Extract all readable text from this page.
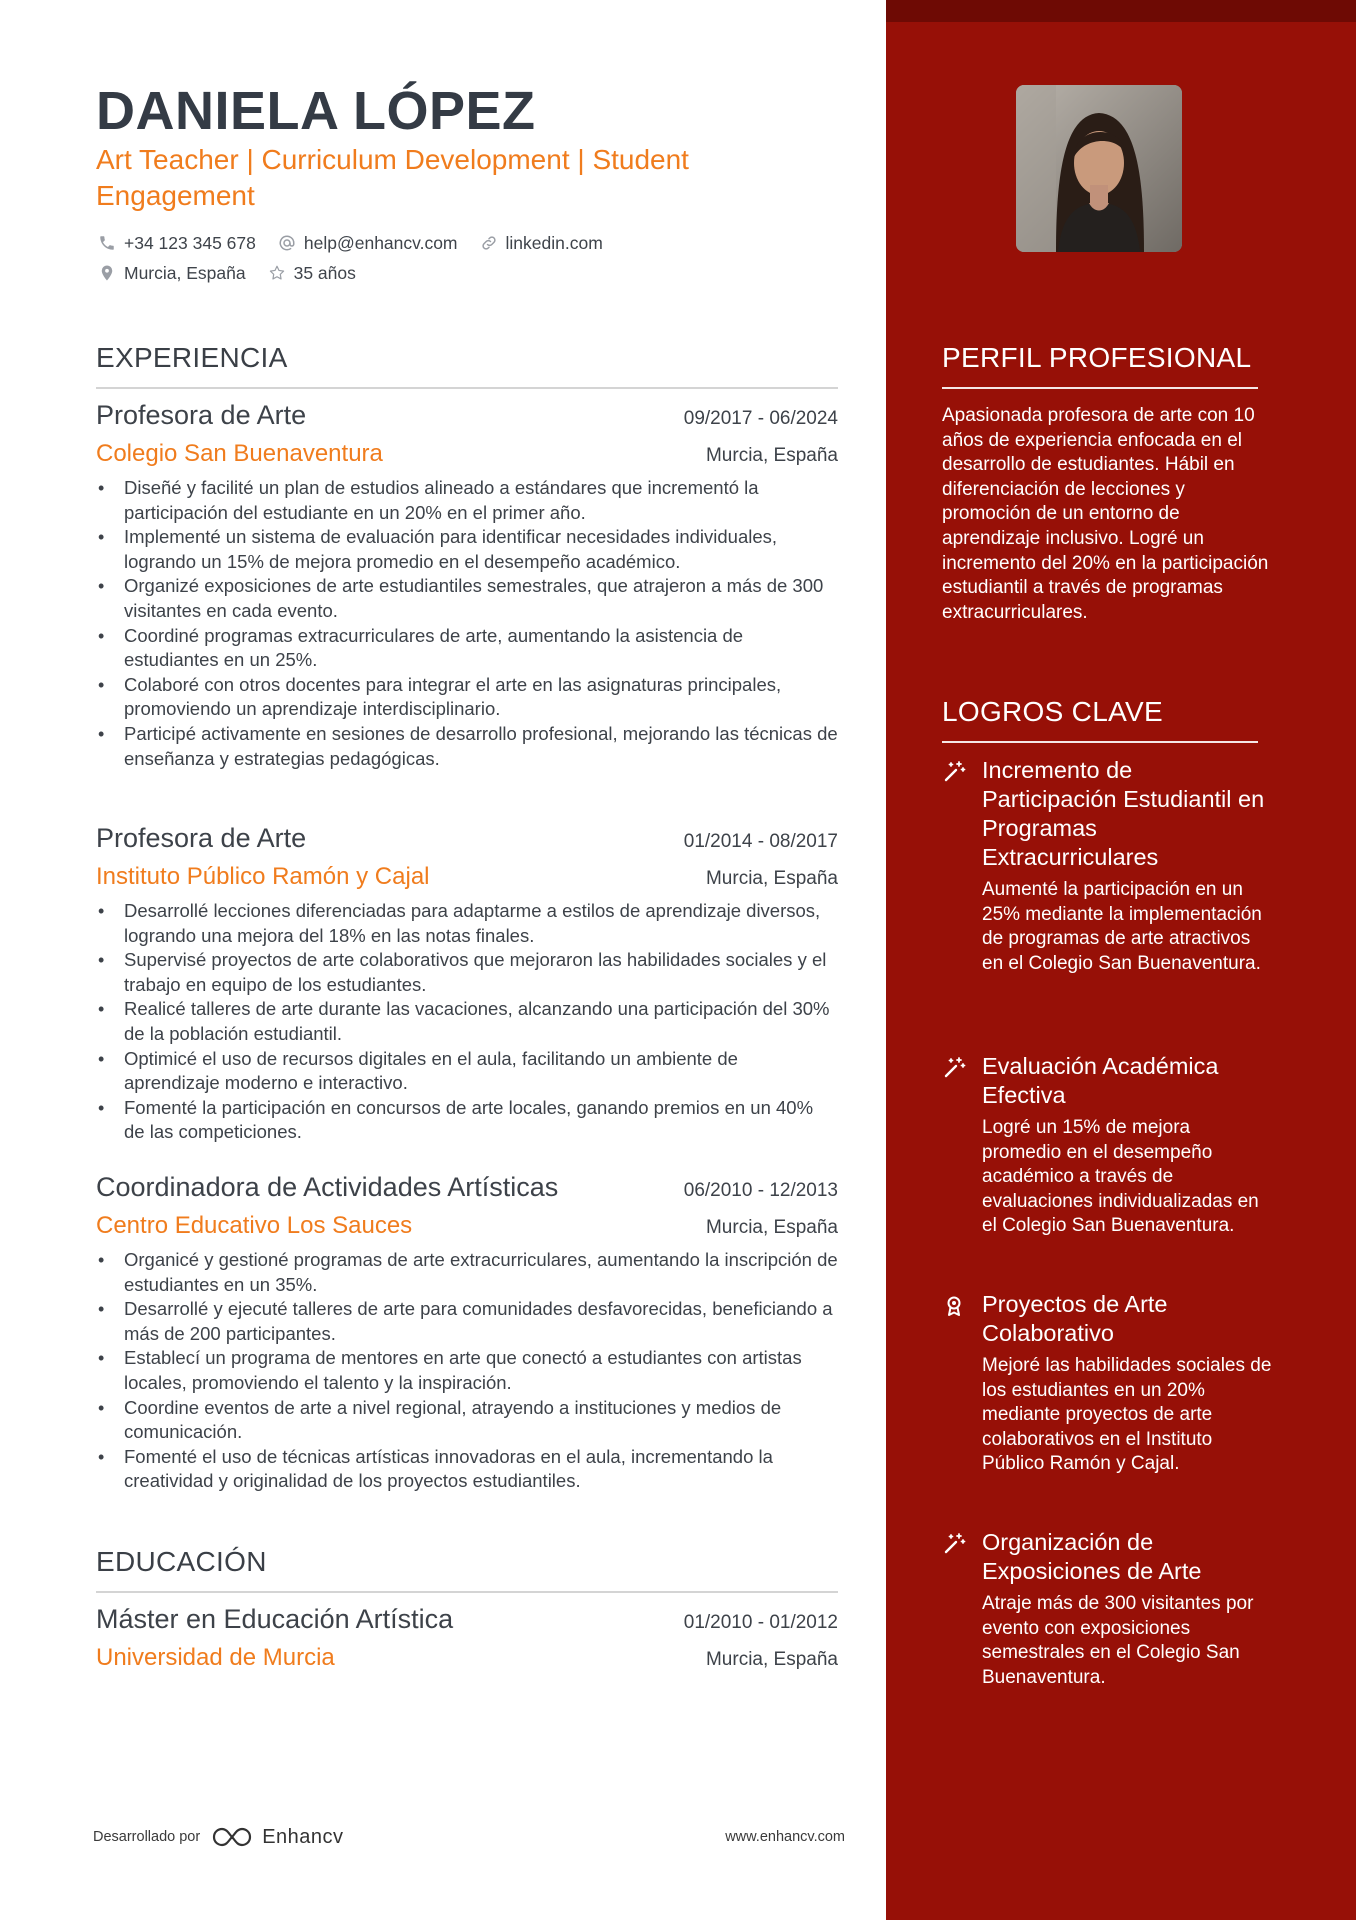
DANIELA LÓPEZ
Art Teacher | Curriculum Development | Student Engagement
+34 123 345 678	help@enhancv.com	linkedin.com
Murcia, España	35 años
EXPERIENCIA
Profesora de Arte	09/2017 - 06/2024
Colegio San Buenaventura	Murcia, España
• Diseñé y facilité un plan de estudios alineado a estándares que incrementó la participación del estudiante en un 20% en el primer año.
• Implementé un sistema de evaluación para identificar necesidades individuales, logrando un 15% de mejora promedio en el desempeño académico.
• Organizé exposiciones de arte estudiantiles semestrales, que atrajeron a más de 300 visitantes en cada evento.
• Coordiné programas extracurriculares de arte, aumentando la asistencia de estudiantes en un 25%.
• Colaboré con otros docentes para integrar el arte en las asignaturas principales, promoviendo un aprendizaje interdisciplinario.
• Participé activamente en sesiones de desarrollo profesional, mejorando las técnicas de enseñanza y estrategias pedagógicas.
Profesora de Arte	01/2014 - 08/2017
Instituto Público Ramón y Cajal	Murcia, España
• Desarrollé lecciones diferenciadas para adaptarme a estilos de aprendizaje diversos, logrando una mejora del 18% en las notas finales.
• Supervisé proyectos de arte colaborativos que mejoraron las habilidades sociales y el trabajo en equipo de los estudiantes.
• Realicé talleres de arte durante las vacaciones, alcanzando una participación del 30% de la población estudiantil.
• Optimicé el uso de recursos digitales en el aula, facilitando un ambiente de aprendizaje moderno e interactivo.
• Fomenté la participación en concursos de arte locales, ganando premios en un 40% de las competiciones.
Coordinadora de Actividades Artísticas	06/2010 - 12/2013
Centro Educativo Los Sauces	Murcia, España
• Organicé y gestioné programas de arte extracurriculares, aumentando la inscripción de estudiantes en un 35%.
• Desarrollé y ejecuté talleres de arte para comunidades desfavorecidas, beneficiando a más de 200 participantes.
• Establecí un programa de mentores en arte que conectó a estudiantes con artistas locales, promoviendo el talento y la inspiración.
• Coordine eventos de arte a nivel regional, atrayendo a instituciones y medios de comunicación.
• Fomenté el uso de técnicas artísticas innovadoras en el aula, incrementando la creatividad y originalidad de los proyectos estudiantiles.
EDUCACIÓN
Máster en Educación Artística	01/2010 - 01/2012
Universidad de Murcia	Murcia, España
Desarrollado por	Enhancv	www.enhancv.com
PERFIL PROFESIONAL
Apasionada profesora de arte con 10 años de experiencia enfocada en el desarrollo de estudiantes. Hábil en diferenciación de lecciones y promoción de un entorno de aprendizaje inclusivo. Logré un incremento del 20% en la participación estudiantil a través de programas extracurriculares.
LOGROS CLAVE
Incremento de Participación Estudiantil en Programas Extracurriculares
Aumenté la participación en un 25% mediante la implementación de programas de arte atractivos en el Colegio San Buenaventura.
Evaluación Académica Efectiva
Logré un 15% de mejora promedio en el desempeño académico a través de evaluaciones individualizadas en el Colegio San Buenaventura.
Proyectos de Arte Colaborativo
Mejoré las habilidades sociales de los estudiantes en un 20% mediante proyectos de arte colaborativos en el Instituto Público Ramón y Cajal.
Organización de Exposiciones de Arte
Atraje más de 300 visitantes por evento con exposiciones semestrales en el Colegio San Buenaventura.
